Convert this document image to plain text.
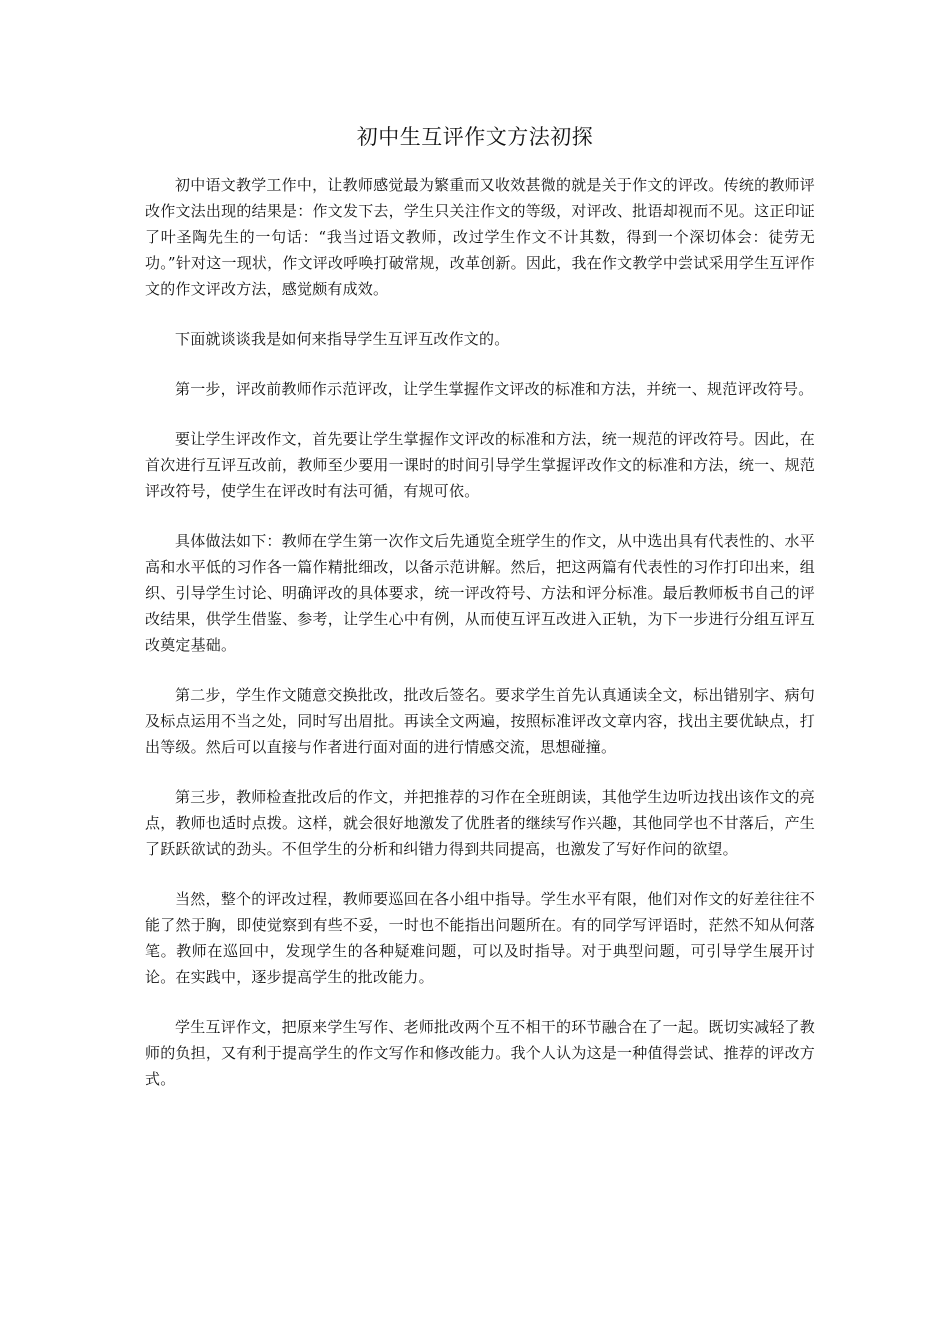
初中生互评作文方法初探

初中语文教学工作中，让教师感觉最为繁重而又收效甚微的就是关于作文的评改。传统的教师评改作文法出现的结果是：作文发下去，学生只关注作文的等级，对评改、批语却视而不见。这正印证了叶圣陶先生的一句话：“我当过语文教师，改过学生作文不计其数，得到一个深切体会：徒劳无功。”针对这一现状，作文评改呼唤打破常规，改革创新。因此，我在作文教学中尝试采用学生互评作文的作文评改方法，感觉颇有成效。

下面就谈谈我是如何来指导学生互评互改作文的。

第一步，评改前教师作示范评改，让学生掌握作文评改的标准和方法，并统一、规范评改符号。

要让学生评改作文，首先要让学生掌握作文评改的标准和方法，统一规范的评改符号。因此，在首次进行互评互改前，教师至少要用一课时的时间引导学生掌握评改作文的标准和方法，统一、规范评改符号，使学生在评改时有法可循，有规可依。

具体做法如下：教师在学生第一次作文后先通览全班学生的作文，从中选出具有代表性的、水平高和水平低的习作各一篇作精批细改，以备示范讲解。然后，把这两篇有代表性的习作打印出来，组织、引导学生讨论、明确评改的具体要求，统一评改符号、方法和评分标准。最后教师板书自己的评改结果，供学生借鉴、参考，让学生心中有例，从而使互评互改进入正轨，为下一步进行分组互评互改奠定基础。

第二步，学生作文随意交换批改，批改后签名。要求学生首先认真通读全文，标出错别字、病句及标点运用不当之处，同时写出眉批。再读全文两遍，按照标准评改文章内容，找出主要优缺点，打出等级。然后可以直接与作者进行面对面的进行情感交流，思想碰撞。

第三步，教师检查批改后的作文，并把推荐的习作在全班朗读，其他学生边听边找出该作文的亮点，教师也适时点拨。这样，就会很好地激发了优胜者的继续写作兴趣，其他同学也不甘落后，产生了跃跃欲试的劲头。不但学生的分析和纠错力得到共同提高，也激发了写好作问的欲望。

当然，整个的评改过程，教师要巡回在各小组中指导。学生水平有限，他们对作文的好差往往不能了然于胸，即使觉察到有些不妥，一时也不能指出问题所在。有的同学写评语时，茫然不知从何落笔。教师在巡回中，发现学生的各种疑难问题，可以及时指导。对于典型问题，可引导学生展开讨论。在实践中，逐步提高学生的批改能力。

学生互评作文，把原来学生写作、老师批改两个互不相干的环节融合在了一起。既切实减轻了教师的负担，又有利于提高学生的作文写作和修改能力。我个人认为这是一种值得尝试、推荐的评改方式。
